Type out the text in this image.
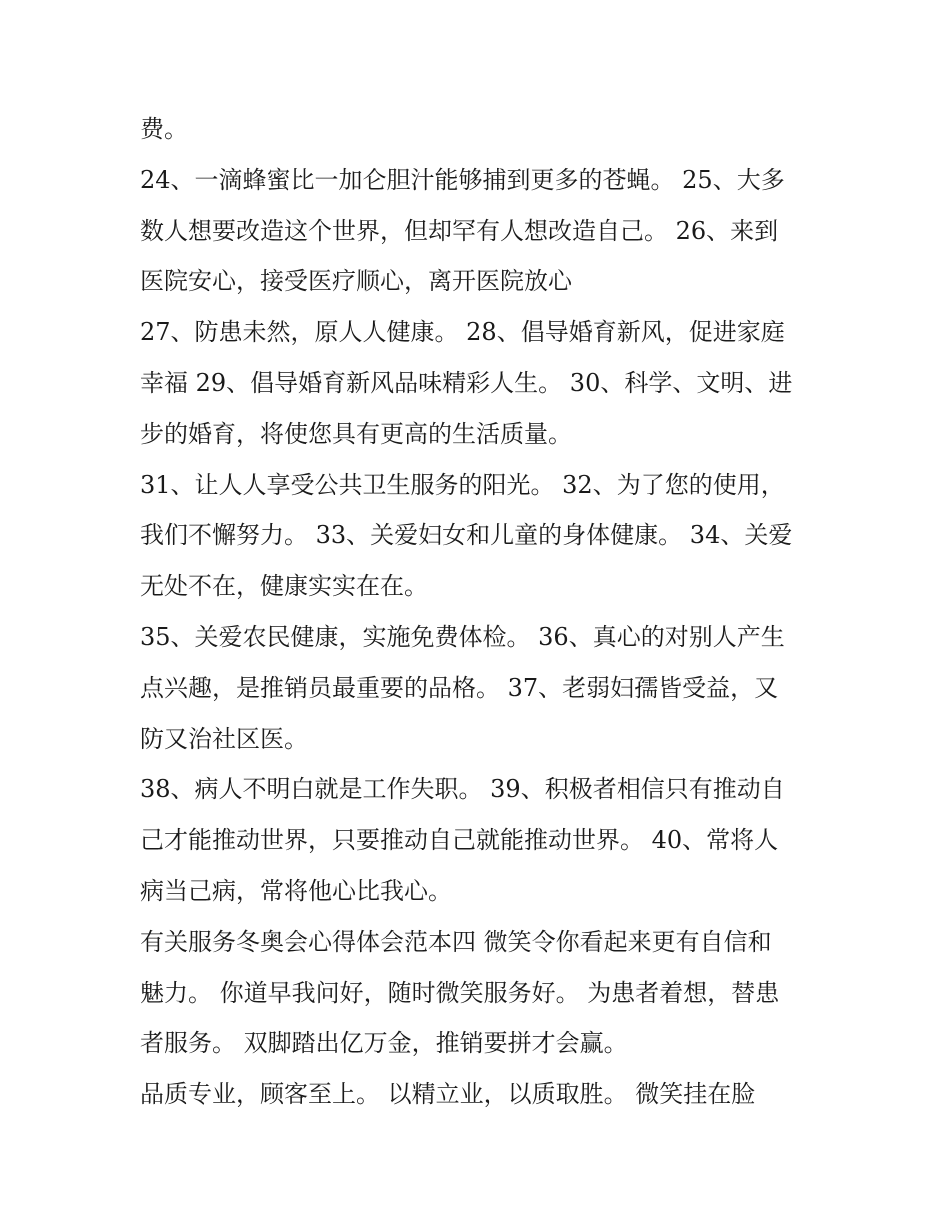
费。
24、一滴蜂蜜比一加仑胆汁能够捕到更多的苍蝇。 25、大多
数人想要改造这个世界，但却罕有人想改造自己。 26、来到
医院安心，接受医疗顺心，离开医院放心
27、防患未然，原人人健康。 28、倡导婚育新风，促进家庭
幸福 29、倡导婚育新风品味精彩人生。 30、科学、文明、进
步的婚育，将使您具有更高的生活质量。
31、让人人享受公共卫生服务的阳光。 32、为了您的使用，
我们不懈努力。 33、关爱妇女和儿童的身体健康。 34、关爱
无处不在，健康实实在在。
35、关爱农民健康，实施免费体检。 36、真心的对别人产生
点兴趣，是推销员最重要的品格。 37、老弱妇孺皆受益，又
防又治社区医。
38、病人不明白就是工作失职。 39、积极者相信只有推动自
己才能推动世界，只要推动自己就能推动世界。 40、常将人
病当己病，常将他心比我心。
有关服务冬奥会心得体会范本四 微笑令你看起来更有自信和
魅力。 你道早我问好，随时微笑服务好。 为患者着想，替患
者服务。 双脚踏出亿万金，推销要拼才会赢。
品质专业，顾客至上。 以精立业，以质取胜。 微笑挂在脸
